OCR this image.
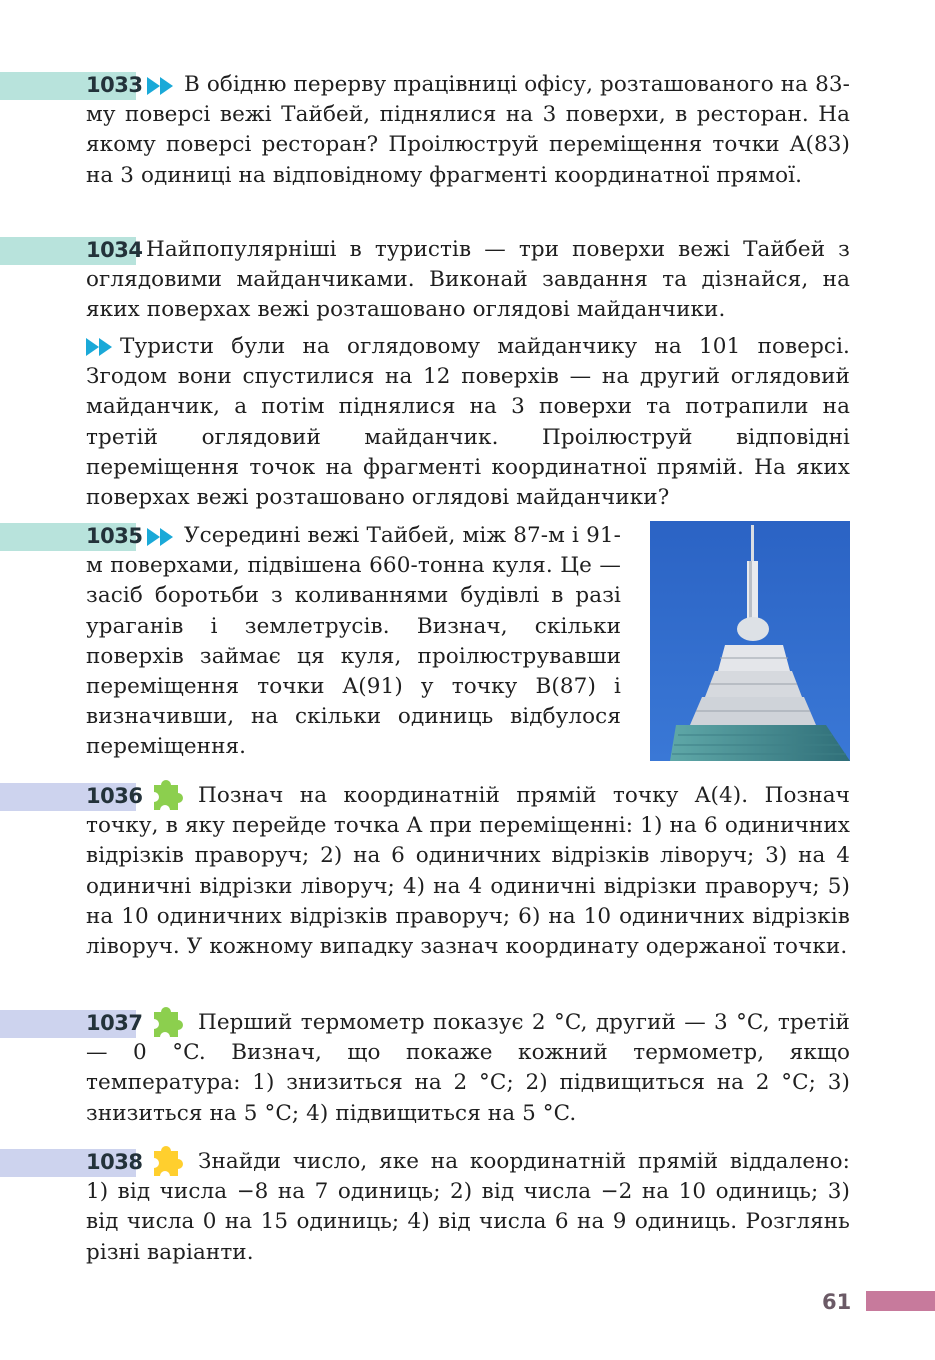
1033	В обідню перерву працівниці офісу, розташованого на 83-му поверсі вежі Тайбей, піднялися на 3 поверхи, в ресторан. На якому поверсі ресторан? Проілюструй переміщення точки A(83) на 3 одиниці на відповідному фрагменті координатної прямої.
1034 Найпопулярніші в туристів — три поверхи вежі Тайбей з оглядовими майданчиками. Виконай завдання та дізнайся, на яких поверхах вежі розташовано оглядові майданчики.
Туристи були на оглядовому майданчику на 101 поверсі. Згодом вони спустилися на 12 поверхів — на другий оглядовий майданчик, а потім піднялися на 3 поверхи та потрапили на третій оглядовий майданчик. Проілюструй відповідні переміщення точок на фрагменті координатної прямій. На яких поверхах вежі розташовано оглядові майданчики?
1035	Усередині вежі Тайбей, між 87-м і 91-м поверхами, підвішена 660-тонна куля. Це — засіб боротьби з коливаннями будівлі в разі ураганів і землетрусів. Визнач, скільки поверхів займає ця куля, проілюструвавши переміщення точки A(91) у точку B(87) і визначивши, на скільки одиниць відбулося переміщення.
1036	Познач на координатній прямій точку A(4). Познач точку, в яку перейде точка A при переміщенні: 1) на 6 одиничних відрізків праворуч; 2) на 6 одиничних відрізків ліворуч; 3) на 4 одиничні відрізки ліворуч; 4) на 4 одиничні відрізки праворуч; 5) на 10 одиничних відрізків праворуч; 6) на 10 одиничних відрізків ліворуч. У кожному випадку зазнач координату одержаної точки.
1037	Перший термометр показує 2 °C, другий — 3 °C, третій — 0 °C. Визнач, що покаже кожний термометр, якщо температура: 1) знизиться на 2 °C; 2) підвищиться на 2 °C; 3) знизиться на 5 °C; 4) підвищиться на 5 °C.
1038	Знайди число, яке на координатній прямій віддалено: 1) від числа −8 на 7 одиниць; 2) від числа −2 на 10 одиниць; 3) від числа 0 на 15 одиниць; 4) від числа 6 на 9 одиниць. Розглянь різні варіанти.
61
